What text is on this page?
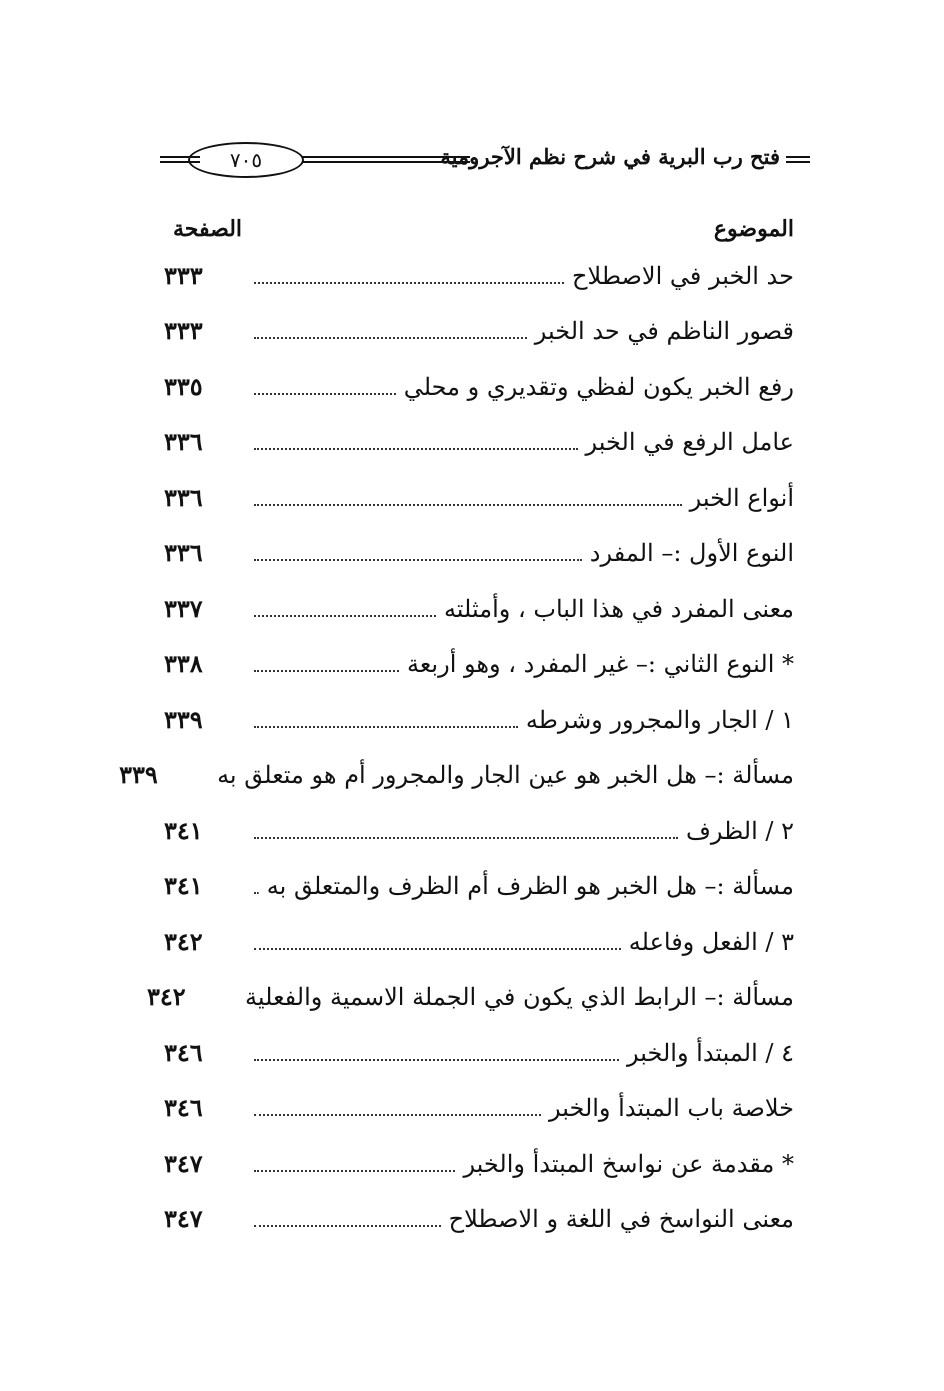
فتح رب البرية في شرح نظم الآجرومية
٧٠٥
الموضوع
الصفحة
حد الخبر في الاصطلاح
٣٣٣
قصور الناظم في حد الخبر
٣٣٣
رفع الخبر يكون لفظي وتقديري و محلي
٣٣٥
عامل الرفع في الخبر
٣٣٦
أنواع الخبر
٣٣٦
النوع الأول :– المفرد
٣٣٦
معنى المفرد في هذا الباب ، وأمثلته
٣٣٧
* النوع الثاني :– غير المفرد ، وهو أربعة
٣٣٨
١ / الجار والمجرور وشرطه
٣٣٩
مسألة :– هل الخبر هو عين الجار والمجرور أم هو متعلق به
٣٣٩
٢ / الظرف
٣٤١
مسألة :– هل الخبر هو الظرف أم الظرف والمتعلق به
٣٤١
٣ / الفعل وفاعله
٣٤٢
مسألة :– الرابط الذي يكون في الجملة الاسمية والفعلية
٣٤٢
٤ / المبتدأ والخبر
٣٤٦
خلاصة باب المبتدأ والخبر
٣٤٦
* مقدمة عن نواسخ المبتدأ والخبر
٣٤٧
معنى النواسخ في اللغة و الاصطلاح
٣٤٧
